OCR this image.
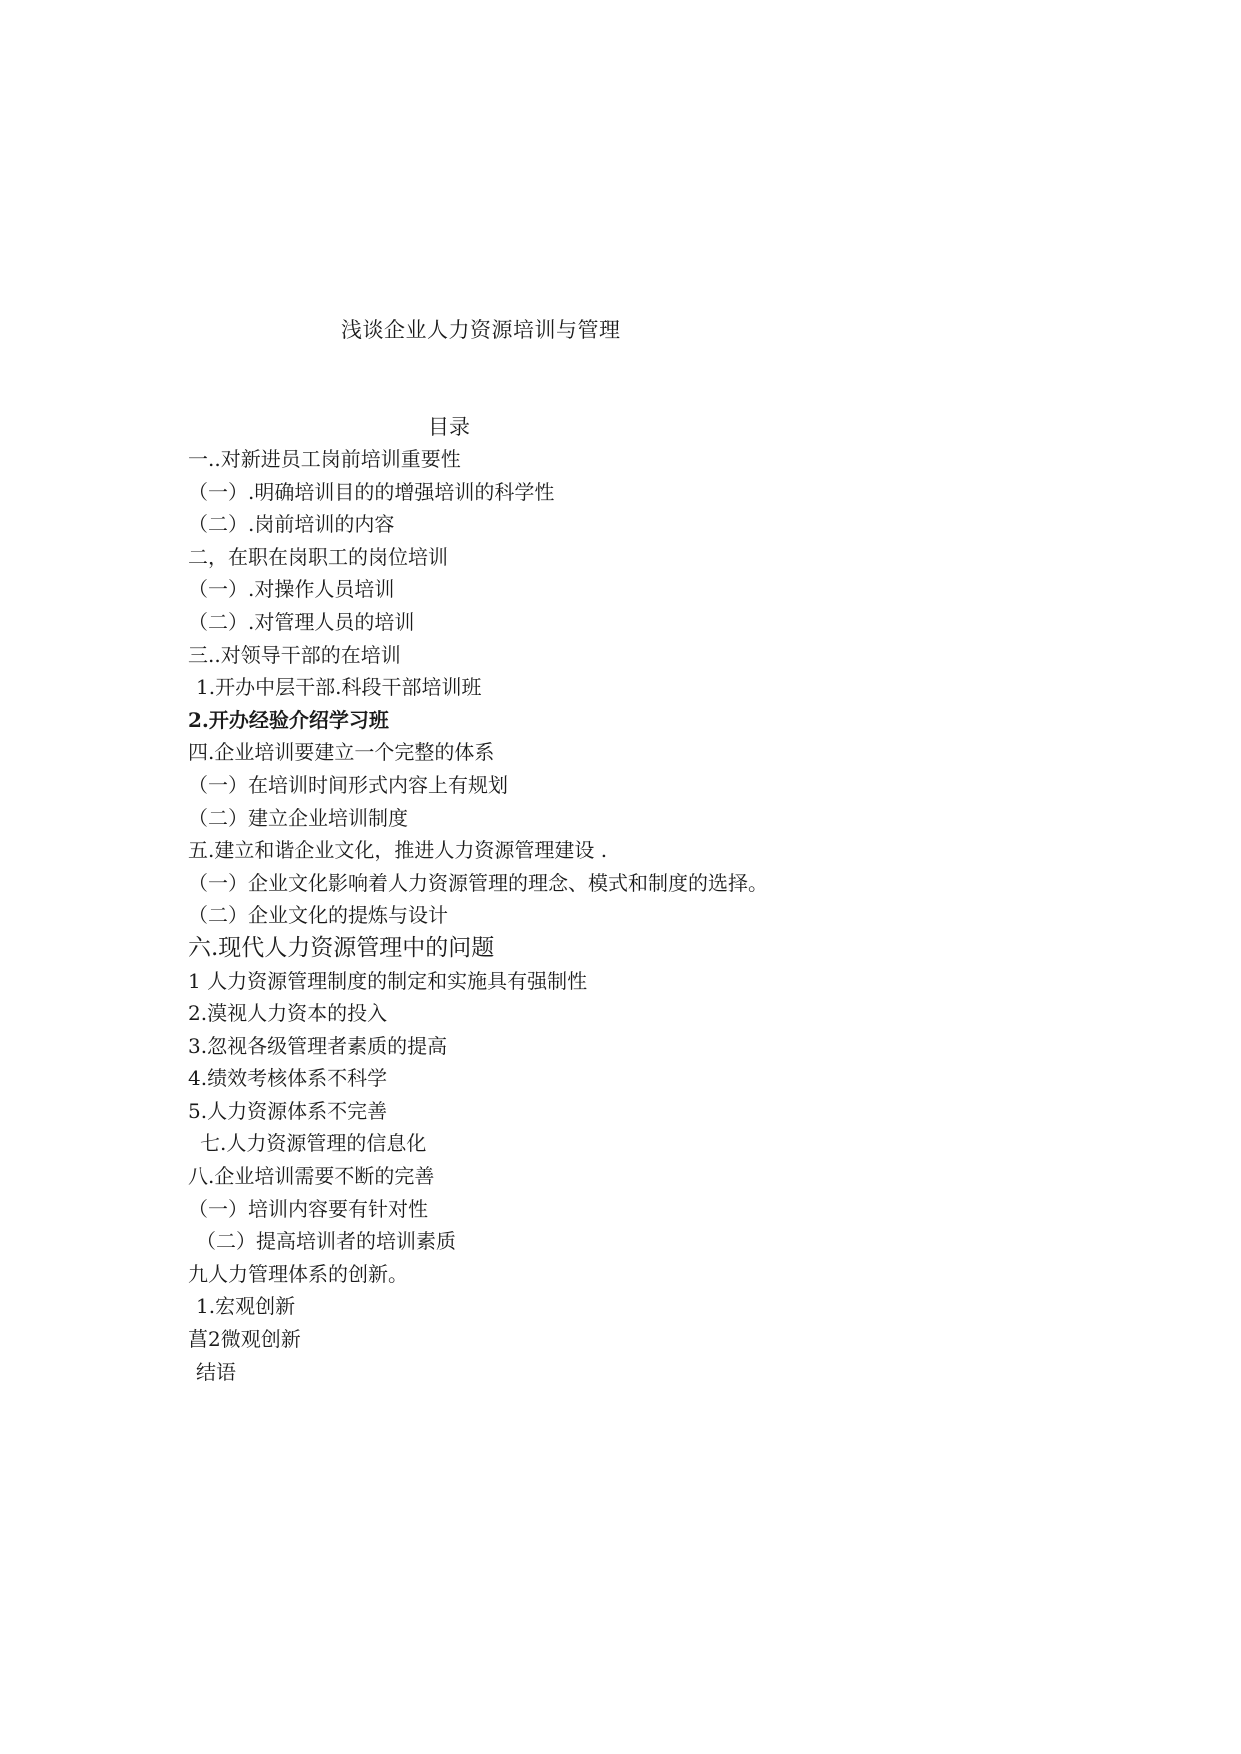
浅谈企业人力资源培训与管理
目录
一..对新进员工岗前培训重要性
（一）.明确培训目的的增强培训的科学性
（二）.岗前培训的内容
二，在职在岗职工的岗位培训
（一）.对操作人员培训
（二）.对管理人员的培训
三..对领导干部的在培训
1.开办中层干部.科段干部培训班
2.开办经验介绍学习班
四.企业培训要建立一个完整的体系
（一）在培训时间形式内容上有规划
（二）建立企业培训制度
五.建立和谐企业文化，推进人力资源管理建设 .
（一）企业文化影响着人力资源管理的理念、模式和制度的选择。
（二）企业文化的提炼与设计
六.现代人力资源管理中的问题
1 人力资源管理制度的制定和实施具有强制性
2.漠视人力资本的投入
3.忽视各级管理者素质的提高
4.绩效考核体系不科学
5.人力资源体系不完善
七.人力资源管理的信息化
八.企业培训需要不断的完善
（一）培训内容要有针对性
（二）提高培训者的培训素质
九人力管理体系的创新。
1.宏观创新
菖2微观创新
结语
